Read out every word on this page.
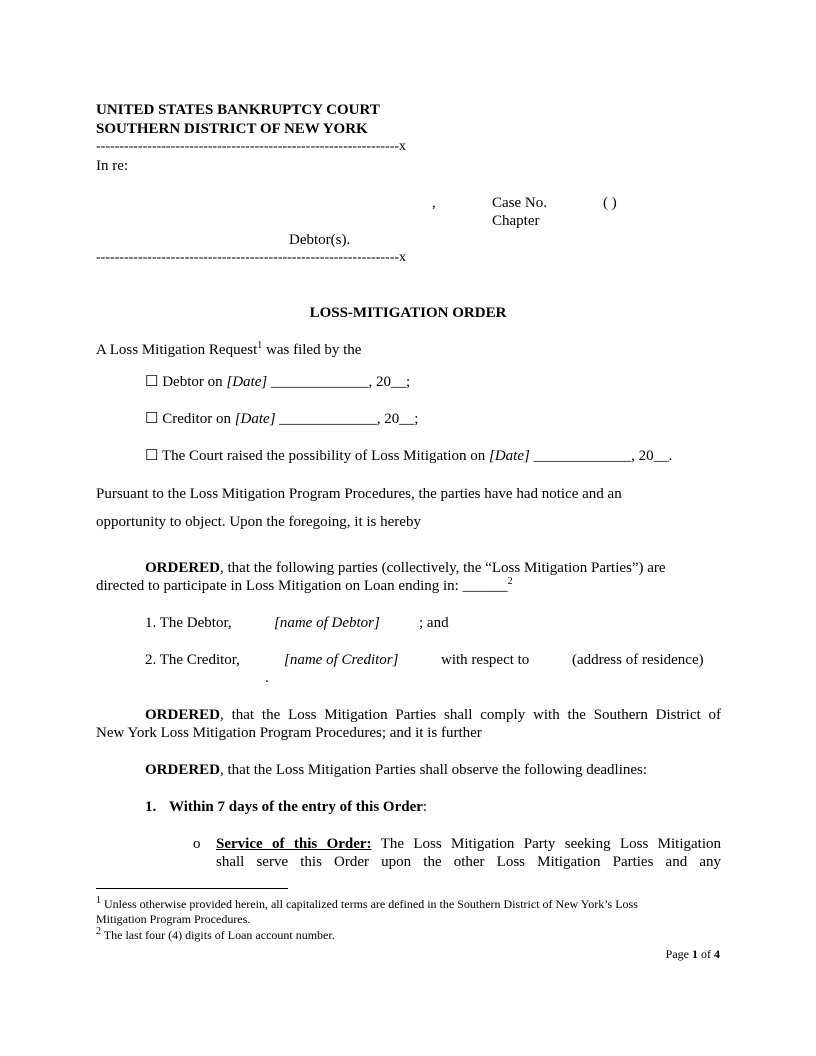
UNITED STATES BANKRUPTCY COURT
SOUTHERN DISTRICT OF NEW YORK
-----------------------------------------------------------------x
In re:
,	Case No.	( )
Chapter
Debtor(s).
-----------------------------------------------------------------x
LOSS-MITIGATION ORDER
A Loss Mitigation Request$^1$ was filed by the
☐ Debtor on [Date] _____________, 20__;
☐ Creditor on [Date] _____________, 20__;
☐ The Court raised the possibility of Loss Mitigation on [Date] _____________, 20__.
Pursuant to the Loss Mitigation Program Procedures, the parties have had notice and an
opportunity to object. Upon the foregoing, it is hereby
ORDERED, that the following parties (collectively, the “Loss Mitigation Parties”) are
directed to participate in Loss Mitigation on Loan ending in: ______$^2$
1. The Debtor,	[name of Debtor]	; and
2. The Creditor,	[name of Creditor]	with respect to	(address of residence)
.
ORDERED, that the Loss Mitigation Parties shall comply with the Southern District of
New York Loss Mitigation Program Procedures; and it is further
ORDERED, that the Loss Mitigation Parties shall observe the following deadlines:
1. Within 7 days of the entry of this Order:
o Service of this Order: The Loss Mitigation Party seeking Loss Mitigation
shall serve this Order upon the other Loss Mitigation Parties and any
$^1$ Unless otherwise provided herein, all capitalized terms are defined in the Southern District of New York’s Loss
Mitigation Program Procedures.
$^2$ The last four (4) digits of Loan account number.
Page 1 of 4
